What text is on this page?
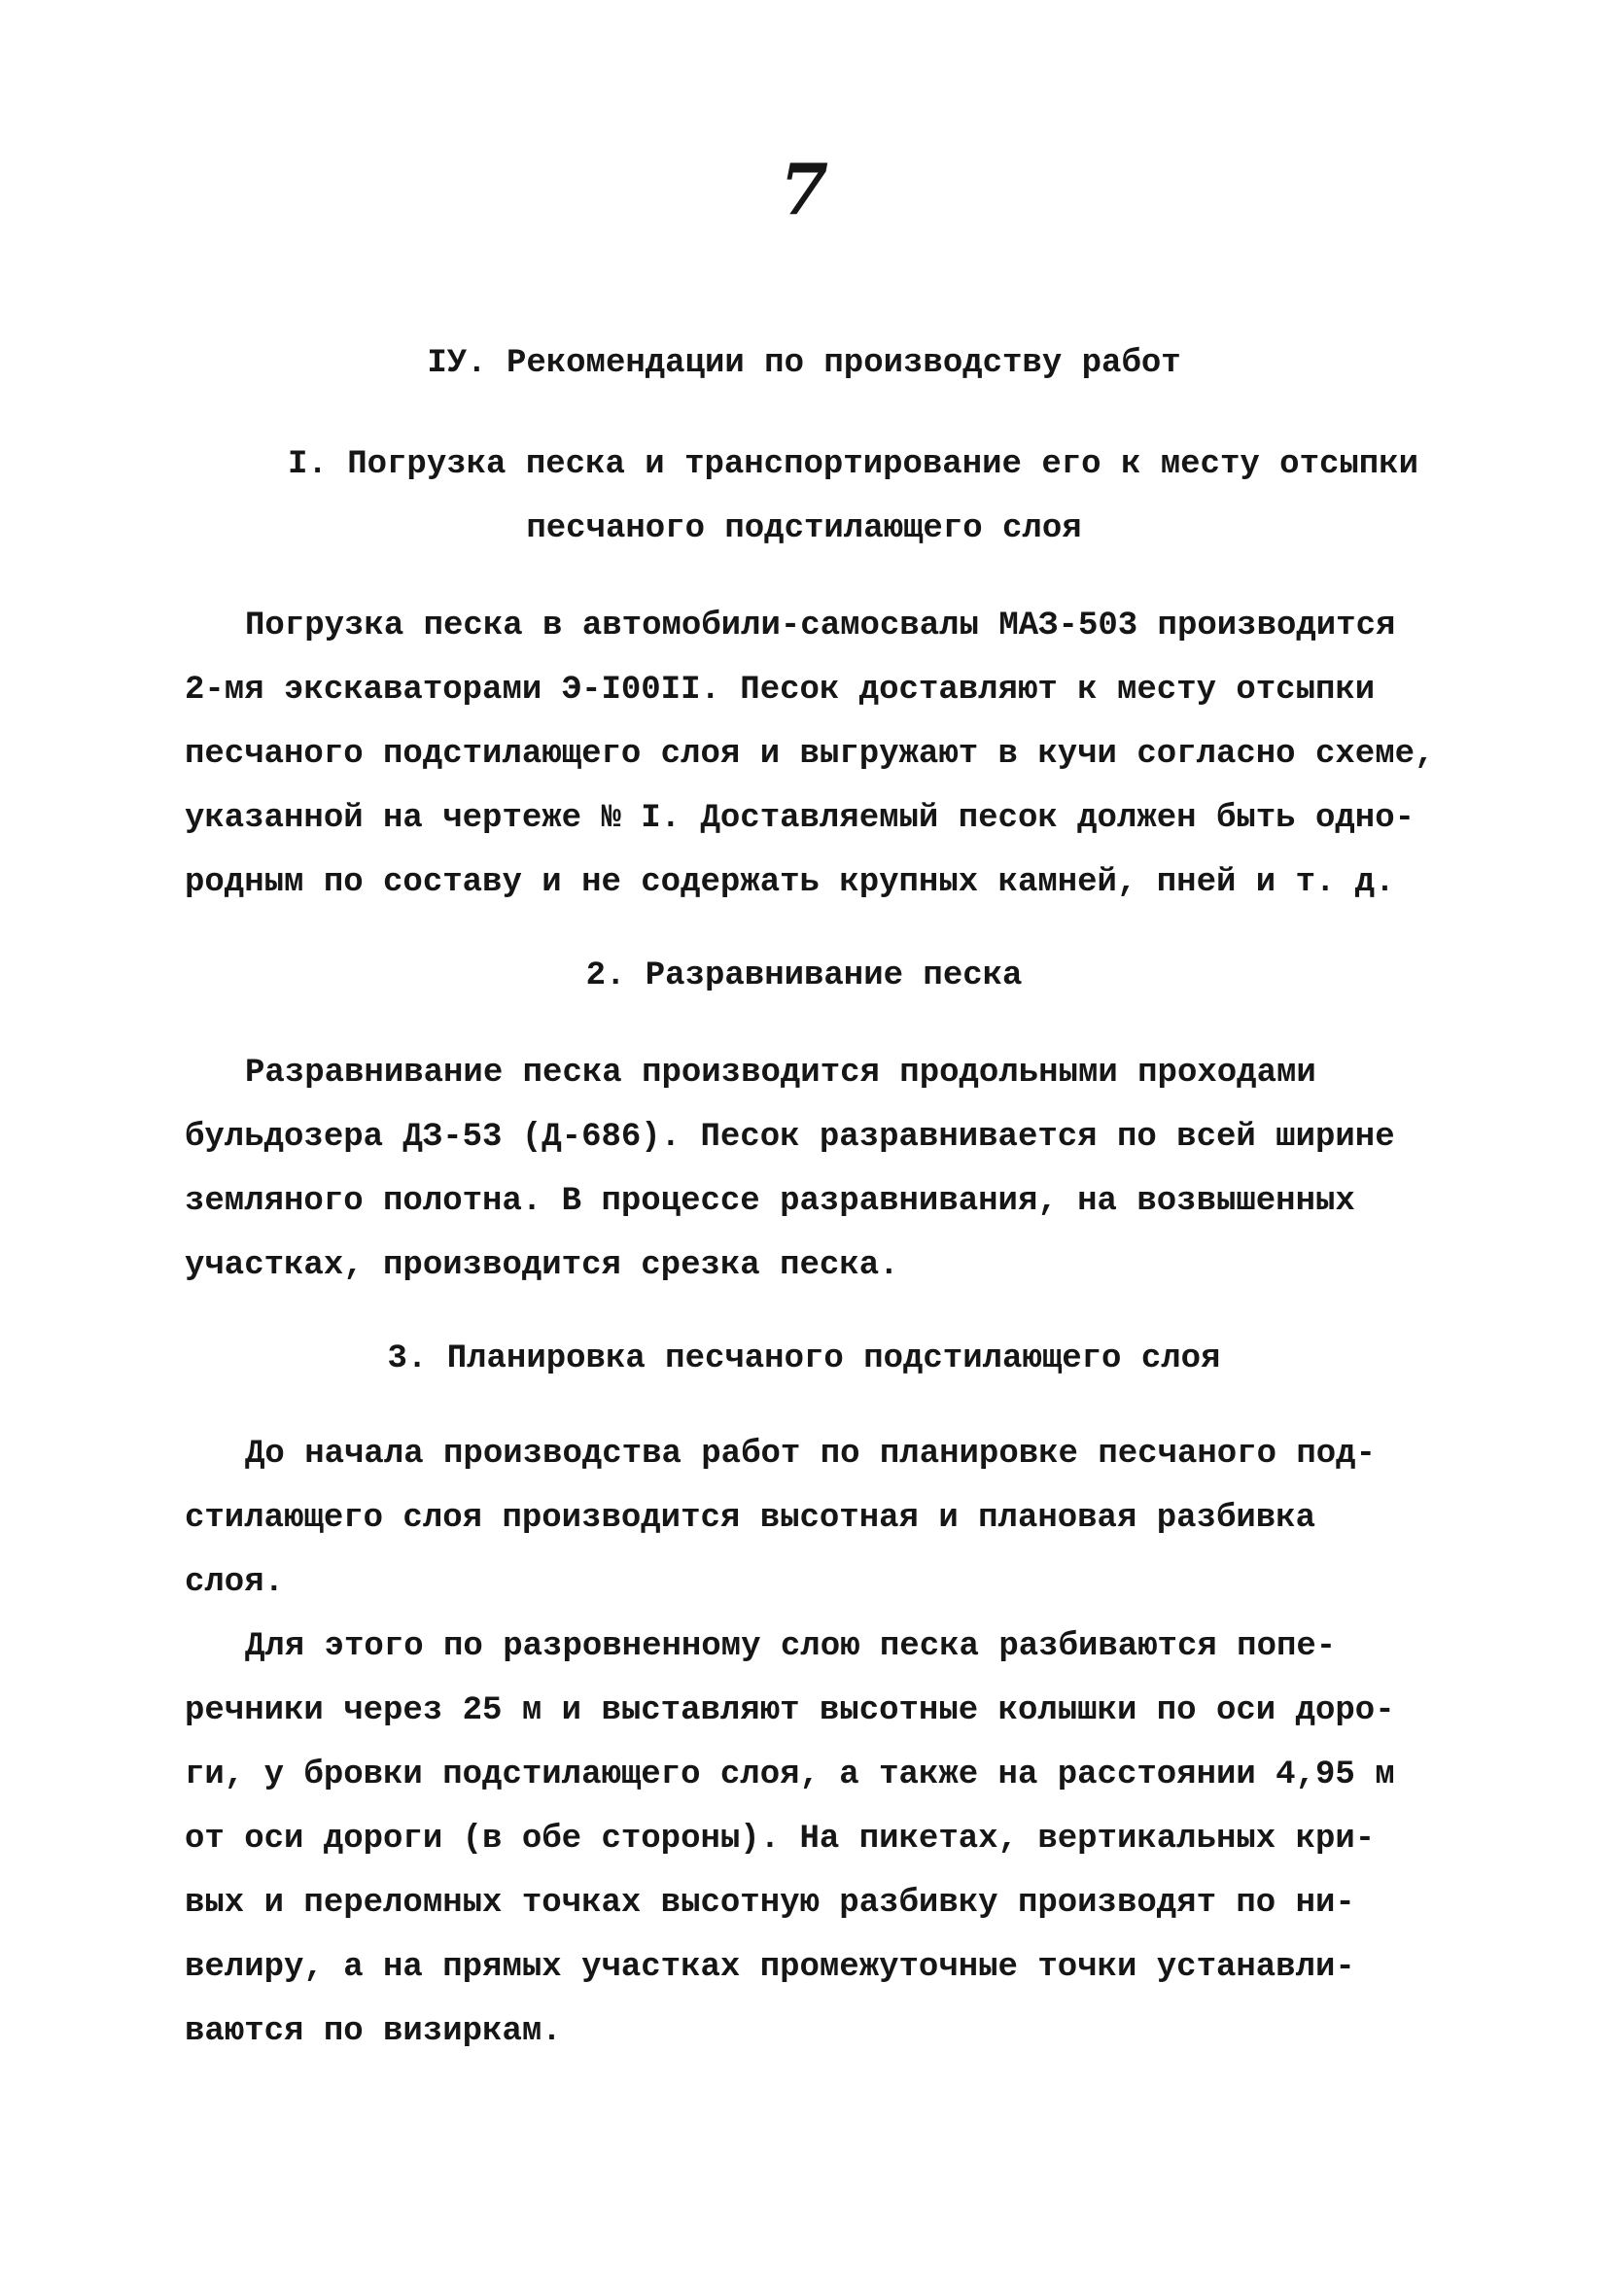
7
IУ. Рекомендации по производству работ
I. Погрузка песка и транспортирование его к месту отсыпки
песчаного подстилающего слоя
Погрузка песка в автомобили-самосвалы МАЗ-503 производится
2-мя экскаваторами Э-I00II. Песок доставляют к месту отсыпки
песчаного подстилающего слоя и выгружают в кучи согласно схеме,
указанной на чертеже № I. Доставляемый песок должен быть одно-
родным по составу и не содержать крупных камней, пней и т. д.
2. Разравнивание песка
Разравнивание песка производится продольными проходами
бульдозера ДЗ-53 (Д-686). Песок разравнивается по всей ширине
земляного полотна. В процессе разравнивания, на возвышенных
участках, производится срезка песка.
3. Планировка песчаного подстилающего слоя
До начала производства работ по планировке песчаного под-
стилающего слоя производится высотная и плановая разбивка
слоя.
Для этого по разровненному слою песка разбиваются попе-
речники через 25 м и выставляют высотные колышки по оси доро-
ги, у бровки подстилающего слоя, а также на расстоянии 4,95 м
от оси дороги (в обе стороны). На пикетах, вертикальных кри-
вых и переломных точках высотную разбивку производят по ни-
велиру, а на прямых участках промежуточные точки устанавли-
ваются по визиркам.
